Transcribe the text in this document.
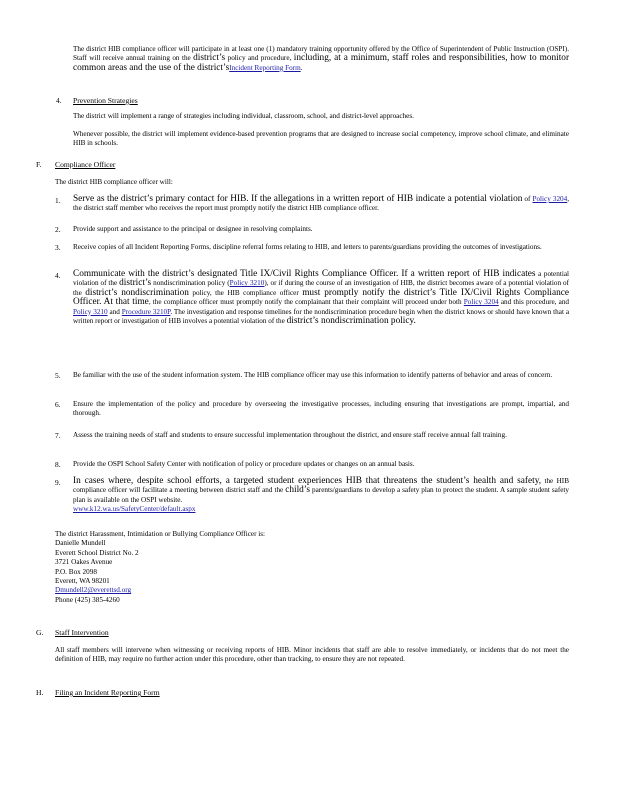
The district HIB compliance officer will participate in at least one (1) mandatory training opportunity offered by the Office of Superintendent of Public Instruction (OSPI). Staff will receive annual training on the district’s policy and procedure, including, at a minimum, staff roles and responsibilities, how to monitor common areas and the use of the district’sIncident Reporting Form.

4. Prevention Strategies

The district will implement a range of strategies including individual, classroom, school, and district-level approaches.

Whenever possible, the district will implement evidence-based prevention programs that are designed to increase social competency, improve school climate, and eliminate HIB in schools.

F. Compliance Officer
The district HIB compliance officer will:
1. Serve as the district’s primary contact for HIB. If the allegations in a written report of HIB indicate a potential violation of Policy 3204, the district staff member who receives the report must promptly notify the district HIB compliance officer.

2. Provide support and assistance to the principal or designee in resolving complaints.

3. Receive copies of all Incident Reporting Forms, discipline referral forms relating to HIB, and letters to parents/guardians providing the outcomes of investigations.

4. Communicate with the district’s designated Title IX/Civil Rights Compliance Officer. If a written report of HIB indicates a potential violation of the district’s nondiscrimination policy (Policy 3210), or if during the course of an investigation of HIB, the district becomes aware of a potential violation of the district’s nondiscrimination policy, the HIB compliance officer must promptly notify the district’s Title IX/Civil Rights Compliance Officer. At that time, the compliance officer must promptly notify the complainant that their complaint will proceed under both Policy 3204 and this procedure, and Policy 3210 and Procedure 3210P. The investigation and response timelines for the nondiscrimination procedure begin when the district knows or should have known that a written report or investigation of HIB involves a potential violation of the district’s nondiscrimination policy.

5. Be familiar with the use of the student information system. The HIB compliance officer may use this information to identify patterns of behavior and areas of concern.

6. Ensure the implementation of the policy and procedure by overseeing the investigative processes, including ensuring that investigations are prompt, impartial, and thorough.

7. Assess the training needs of staff and students to ensure successful implementation throughout the district, and ensure staff receive annual fall training.

8. Provide the OSPI School Safety Center with notification of policy or procedure updates or changes on an annual basis.

9. In cases where, despite school efforts, a targeted student experiences HIB that threatens the student’s health and safety, the HIB compliance officer will facilitate a meeting between district staff and the child’s parents/guardians to develop a safety plan to protect the student. A sample student safety plan is available on the OSPI website.
www.k12.wa.us/SafetyCenter/default.aspx

The district Harassment, Intimidation or Bullying Compliance Officer is:
Danielle Mundell
Everett School District No. 2
3721 Oakes Avenue
P.O. Box 2098
Everett, WA 98201
Dmundell2@everettsd.org
Phone (425) 385-4260
G. Staff Intervention

All staff members will intervene when witnessing or receiving reports of HIB. Minor incidents that staff are able to resolve immediately, or incidents that do not meet the definition of HIB, may require no further action under this procedure, other than tracking, to ensure they are not repeated.

H. Filing an Incident Reporting Form
